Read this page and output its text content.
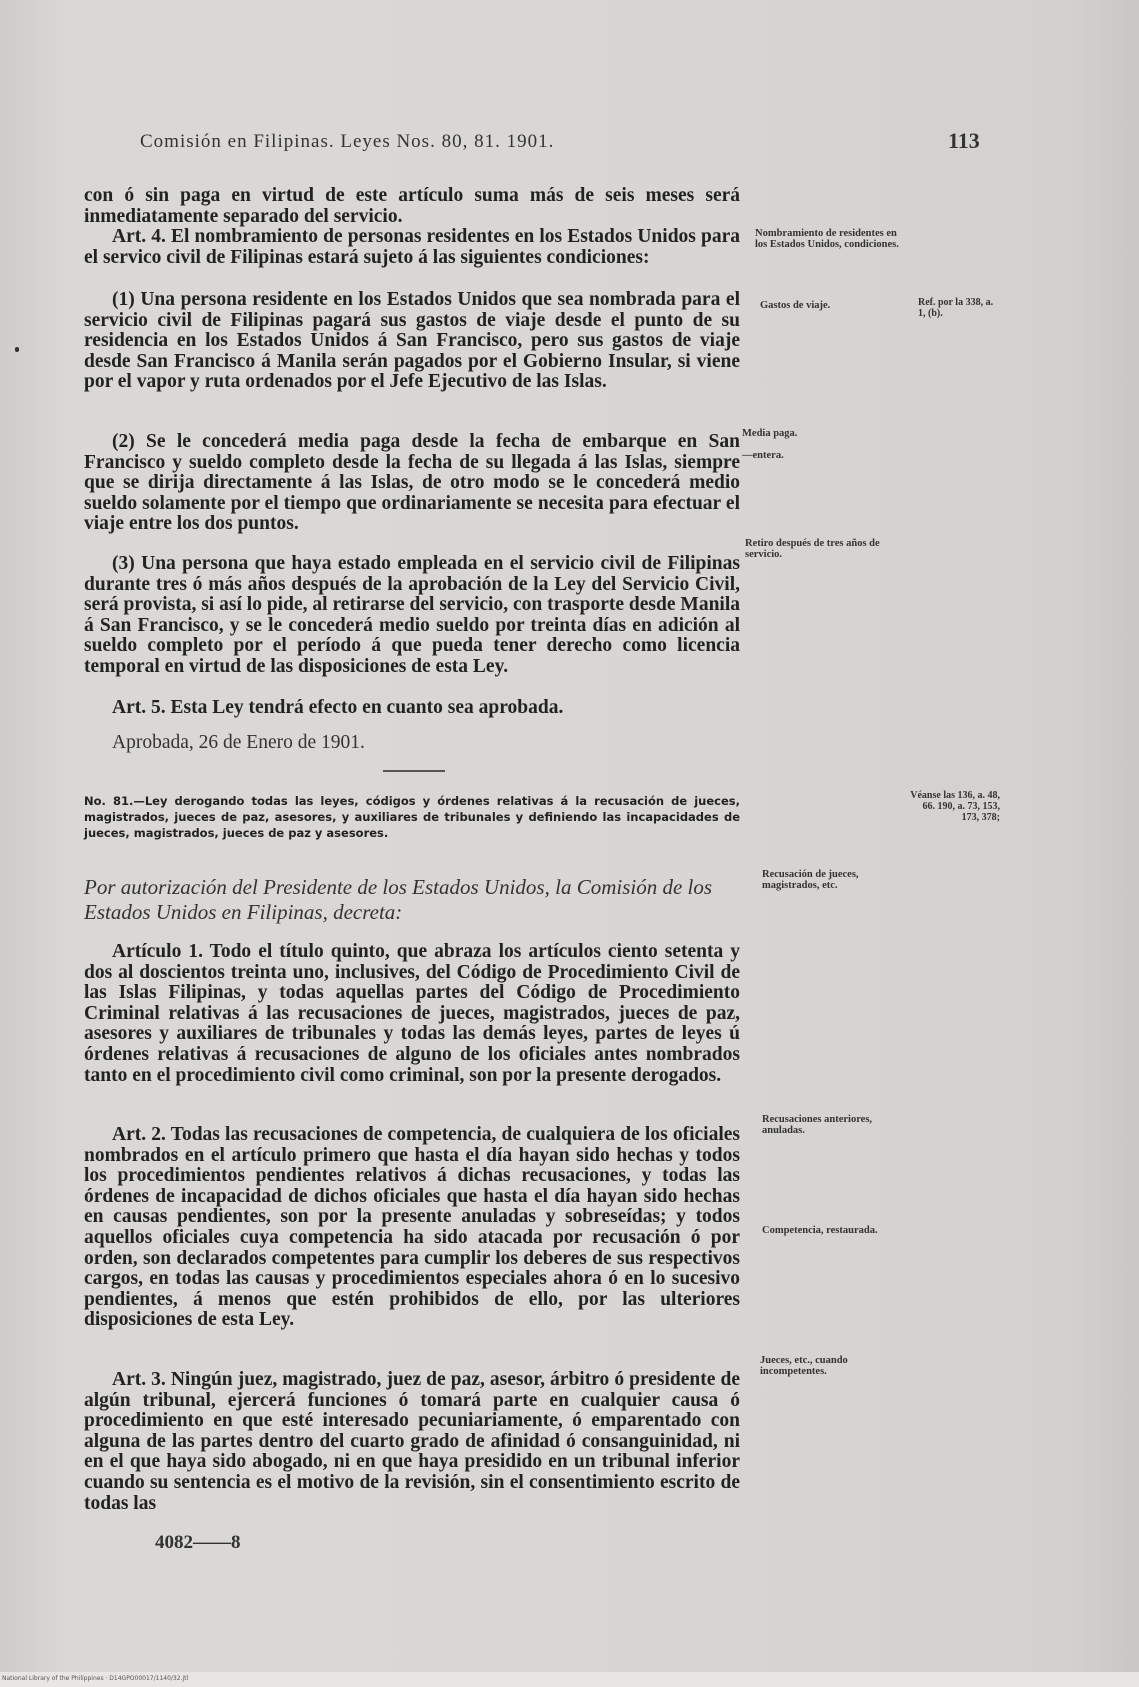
Comisión en Filipinas. Leyes Nos. 80, 81. 1901.	113
con ó sin paga en virtud de este artículo suma más de seis meses será inmediatamente separado del servicio.
Art. 4. El nombramiento de personas residentes en los Estados Unidos para el servico civil de Filipinas estará sujeto á las siguientes condiciones:
(1) Una persona residente en los Estados Unidos que sea nombrada para el servicio civil de Filipinas pagará sus gastos de viaje desde el punto de su residencia en los Estados Unidos á San Francisco, pero sus gastos de viaje desde San Francisco á Manila serán pagados por el Gobierno Insular, si viene por el vapor y ruta ordenados por el Jefe Ejecutivo de las Islas.
(2) Se le concederá media paga desde la fecha de embarque en San Francisco y sueldo completo desde la fecha de su llegada á las Islas, siempre que se dirija directamente á las Islas, de otro modo se le concederá medio sueldo solamente por el tiempo que ordinariamente se necesita para efectuar el viaje entre los dos puntos.
(3) Una persona que haya estado empleada en el servicio civil de Filipinas durante tres ó más años después de la aprobación de la Ley del Servicio Civil, será provista, si así lo pide, al retirarse del servicio, con trasporte desde Manila á San Francisco, y se le concederá medio sueldo por treinta días en adición al sueldo completo por el período á que pueda tener derecho como licencia temporal en virtud de las disposiciones de esta Ley.
Art. 5. Esta Ley tendrá efecto en cuanto sea aprobada.
Aprobada, 26 de Enero de 1901.
No. 81.—Ley derogando todas las leyes, códigos y órdenes relativas á la recusación de jueces, magistrados, jueces de paz, asesores, y auxiliares de tribunales y definiendo las incapacidades de jueces, magistrados, jueces de paz y asesores.
Por autorización del Presidente de los Estados Unidos, la Comisión de los Estados Unidos en Filipinas, decreta:
Artículo 1. Todo el título quinto, que abraza los artículos ciento setenta y dos al doscientos treinta uno, inclusives, del Código de Procedimiento Civil de las Islas Filipinas, y todas aquellas partes del Código de Procedimiento Criminal relativas á las recusaciones de jueces, magistrados, jueces de paz, asesores y auxiliares de tribunales y todas las demás leyes, partes de leyes ú órdenes relativas á recusaciones de alguno de los oficiales antes nombrados tanto en el procedimiento civil como criminal, son por la presente derogados.
Art. 2. Todas las recusaciones de competencia, de cualquiera de los oficiales nombrados en el artículo primero que hasta el día hayan sido hechas y todos los procedimientos pendientes relativos á dichas recusaciones, y todas las órdenes de incapacidad de dichos oficiales que hasta el día hayan sido hechas en causas pendientes, son por la presente anuladas y sobreseídas; y todos aquellos oficiales cuya competencia ha sido atacada por recusación ó por orden, son declarados competentes para cumplir los deberes de sus respectivos cargos, en todas las causas y procedimientos especiales ahora ó en lo sucesivo pendientes, á menos que estén prohibidos de ello, por las ulteriores disposiciones de esta Ley.
Art. 3. Ningún juez, magistrado, juez de paz, asesor, árbitro ó presidente de algún tribunal, ejercerá funciones ó tomará parte en cualquier causa ó procedimiento en que esté interesado pecuniariamente, ó emparentado con alguna de las partes dentro del cuarto grado de afinidad ó consanguinidad, ni en el que haya sido abogado, ni en que haya presidido en un tribunal inferior cuando su sentencia es el motivo de la revisión, sin el consentimiento escrito de todas las
4082——8
Nombramiento de residentes en los Estados Unidos, condiciones.
Gastos de viaje.
Media paga.
—entera.
Retiro después de tres años de servicio.
Recusación de jueces, magistrados, etc.
Recusaciones anteriores, anuladas.
Competencia, restaurada.
Jueces, etc., cuando incompetentes.
Ref. por la 338, a. 1, (b).
Véanse las 136, a. 48, 66. 190, a. 73, 153, 173, 378;
National Library of the Philippines · D14GPO00017/1140/32.jtl
